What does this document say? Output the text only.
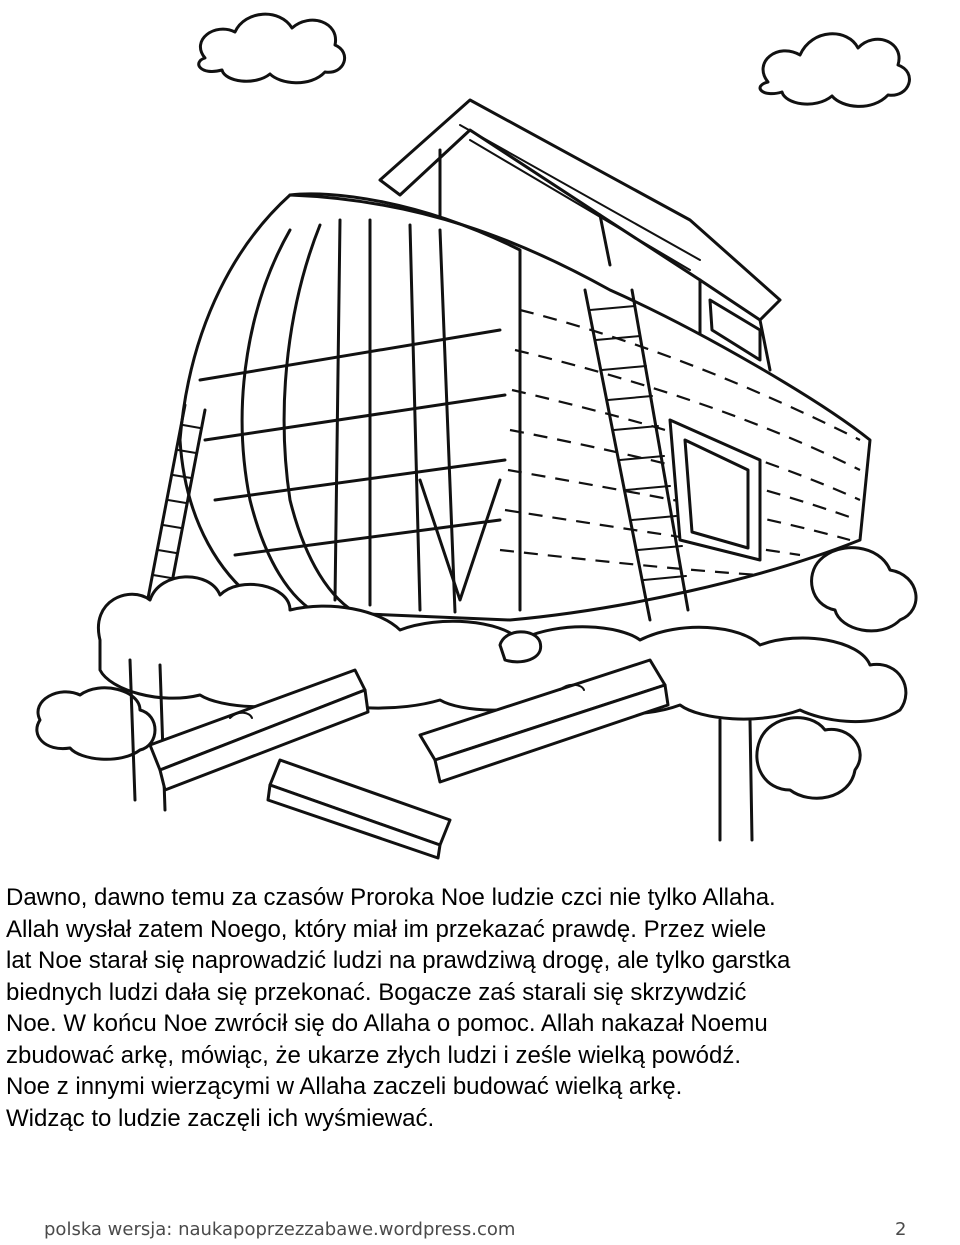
Dawno, dawno temu za czasów Proroka Noe ludzie czci nie tylko Allaha.
Allah wysłał zatem Noego, który miał im przekazać prawdę. Przez wiele
lat Noe starał się naprowadzić ludzi na prawdziwą drogę, ale tylko garstka
biednych ludzi dała się przekonać. Bogacze zaś starali się skrzywdzić
Noe. W końcu Noe zwrócił się do Allaha o pomoc. Allah nakazał Noemu
zbudować arkę, mówiąc, że ukarze złych ludzi i ześle wielką powódź.
Noe z innymi wierzącymi w Allaha zaczeli budować wielką arkę.
Widząc to ludzie zaczęli ich wyśmiewać.
polska wersja: naukapoprzezzabawe.wordpress.com	2
